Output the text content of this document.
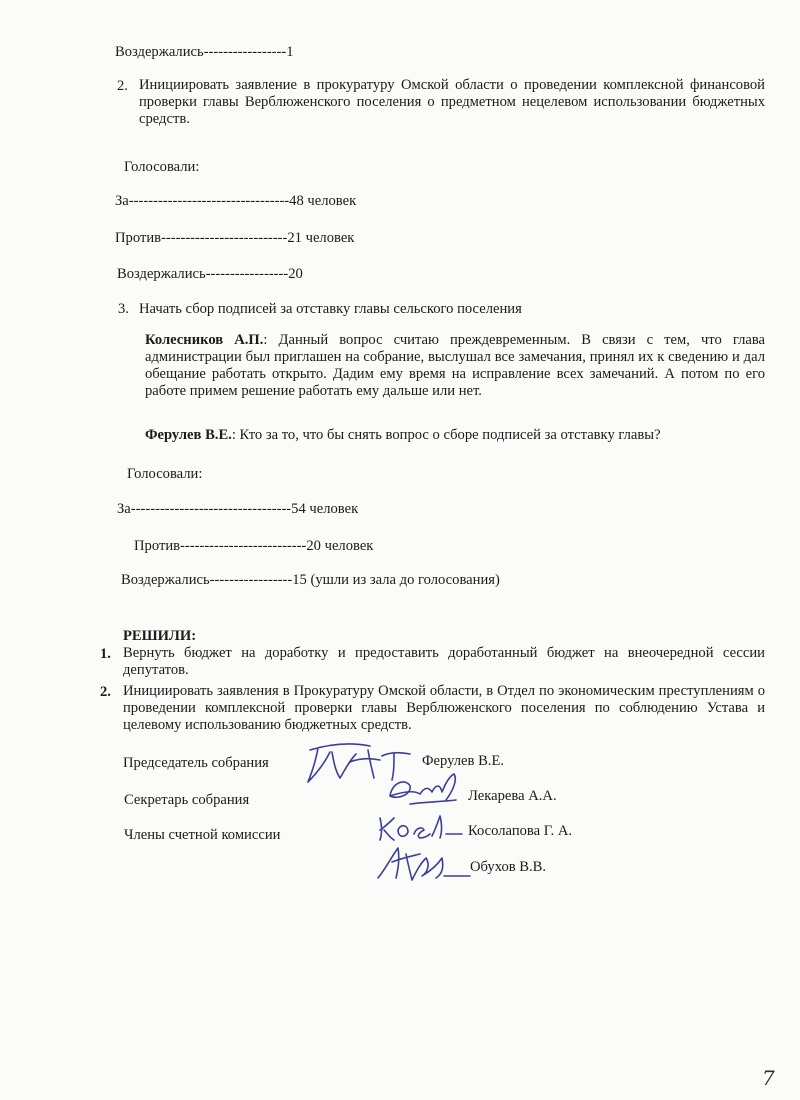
Воздержались-----------------1
2. Инициировать заявление в прокуратуру Омской области о проведении комплексной финансовой проверки главы Верблюженского поселения о предметном нецелевом использовании бюджетных средств.
Голосовали:
За---------------------------------48 человек
Против--------------------------21 человек
Воздержались-----------------20
3. Начать сбор подписей за отставку главы сельского поселения
Колесников А.П.: Данный вопрос считаю преждевременным. В связи с тем, что глава администрации был приглашен на собрание, выслушал все замечания, принял их к сведению и дал обещание работать открыто. Дадим ему время на исправление всех замечаний. А потом по его работе примем решение работать ему дальше или нет.
Ферулев В.Е.: Кто за то, что бы снять вопрос о сборе подписей за отставку главы?
Голосовали:
За---------------------------------54 человек
Против--------------------------20 человек
Воздержались-----------------15 (ушли из зала до голосования)
РЕШИЛИ:
1. Вернуть бюджет на доработку и предоставить доработанный бюджет на внеочередной сессии депутатов.
2. Инициировать заявления в Прокуратуру Омской области, в Отдел по экономическим преступлениям о проведении комплексной проверки главы Верблюженского поселения по соблюдению Устава и целевому использованию бюджетных средств.
Председатель собрания	Ферулев В.Е.
Секретарь собрания	Лекарева А.А.
Члены счетной комиссии	Косолапова Г. А.
Обухов В.В.
7
